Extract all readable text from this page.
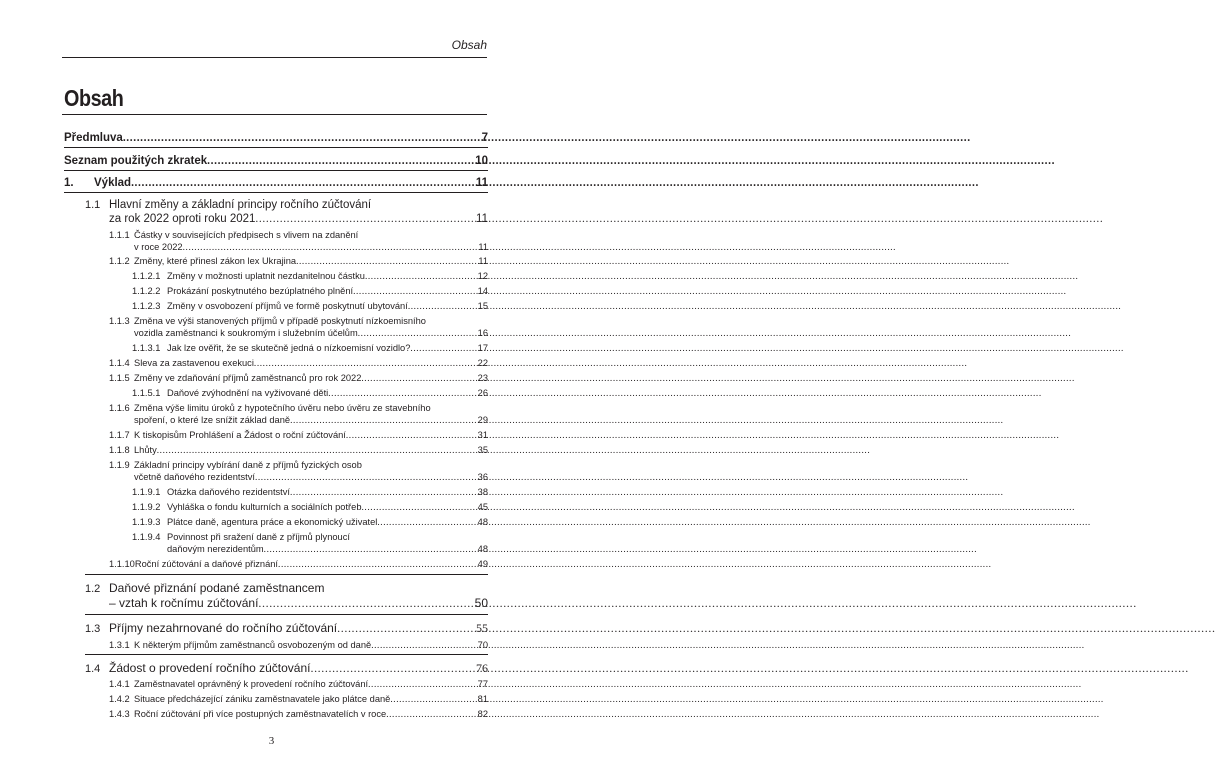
Obsah
Obsah
Předmluva .....	7
Seznam použitých zkratek .....	10
1.	Výklad .....	11
1.1 Hlavní změny a základní principy ročního zúčtování
za rok 2022 oproti roku 2021 .....	11
1.1.1 Částky v souvisejících předpisech s vlivem na zdanění
v roce 2022 .....	11
1.1.2 Změny, které přinesl zákon lex Ukrajina .....	11
1.1.2.1 Změny v možnosti uplatnit nezdanitelnou částku .....	12
1.1.2.2 Prokázání poskytnutého bezúplatného plnění .....	14
1.1.2.3 Změny v osvobození příjmů ve formě poskytnutí ubytování .....	15
1.1.3 Změna ve výši stanovených příjmů v případě poskytnutí nízkoemisního
vozidla zaměstnanci k soukromým i služebním účelům .....	16
1.1.3.1 Jak lze ověřit, že se skutečně jedná o nízkoemisní vozidlo? .....	17
1.1.4 Sleva za zastavenou exekuci .....	22
1.1.5 Změny ve zdaňování příjmů zaměstnanců pro rok 2022 .....	23
1.1.5.1 Daňové zvýhodnění na vyživované děti .....	26
1.1.6 Změna výše limitu úroků z hypotečního úvěru nebo úvěru ze stavebního
spoření, o které lze snížit základ daně .....	29
1.1.7 K tiskopisům Prohlášení a Žádost o roční zúčtování .....	31
1.1.8 Lhůty .....	35
1.1.9 Základní principy vybírání daně z příjmů fyzických osob
včetně daňového rezidentství .....	36
1.1.9.1 Otázka daňového rezidentství .....	38
1.1.9.2 Vyhláška o fondu kulturních a sociálních potřeb .....	45
1.1.9.3 Plátce daně, agentura práce a ekonomický uživatel .....	48
1.1.9.4 Povinnost při sražení daně z příjmů plynoucí
daňovým nerezidentům .....	48
1.1.10 Roční zúčtování a daňové přiznání .....	49
1.2 Daňové přiznání podané zaměstnancem
– vztah k ročnímu zúčtování .....	50
1.3 Příjmy nezahrnované do ročního zúčtování .....	55
1.3.1 K některým příjmům zaměstnanců osvobozeným od daně .....	70
1.4 Žádost o provedení ročního zúčtování .....	76
1.4.1 Zaměstnavatel oprávněný k provedení ročního zúčtování .....	77
1.4.2 Situace předcházející zániku zaměstnavatele jako plátce daně .....	81
1.4.3 Roční zúčtování při více postupných zaměstnavatelích v roce .....	82
3
